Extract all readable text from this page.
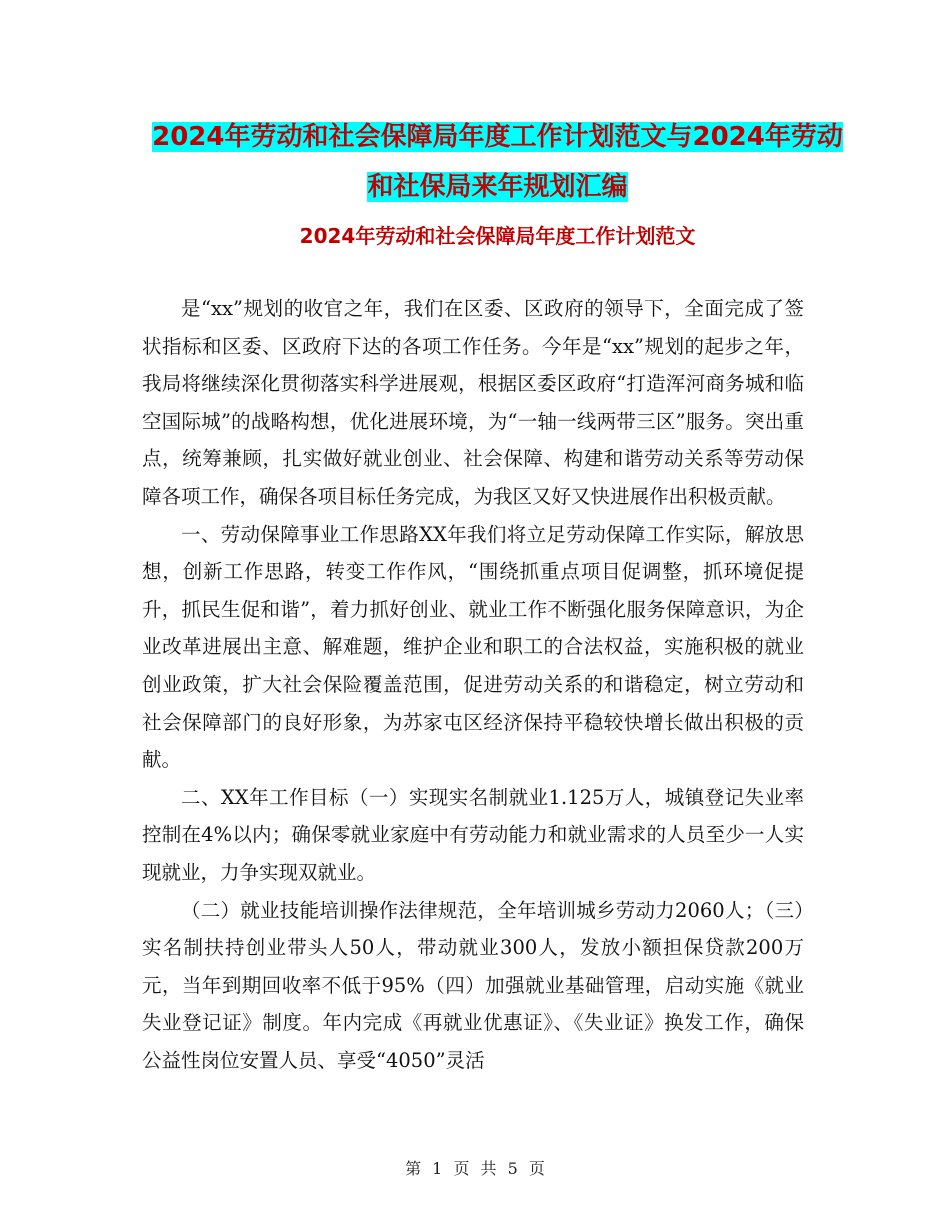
2024年劳动和社会保障局年度工作计划范文与2024年劳动和社保局来年规划汇编
2024年劳动和社会保障局年度工作计划范文

是“xx”规划的收官之年，我们在区委、区政府的领导下，全面完成了签状指标和区委、区政府下达的各项工作任务。今年是“xx”规划的起步之年，我局将继续深化贯彻落实科学进展观，根据区委区政府“打造浑河商务城和临空国际城”的战略构想，优化进展环境，为“一轴一线两带三区”服务。突出重点，统筹兼顾，扎实做好就业创业、社会保障、构建和谐劳动关系等劳动保障各项工作，确保各项目标任务完成，为我区又好又快进展作出积极贡献。

一、劳动保障事业工作思路XX年我们将立足劳动保障工作实际，解放思想，创新工作思路，转变工作作风，“围绕抓重点项目促调整，抓环境促提升，抓民生促和谐”，着力抓好创业、就业工作不断强化服务保障意识，为企业改革进展出主意、解难题，维护企业和职工的合法权益，实施积极的就业创业政策，扩大社会保险覆盖范围，促进劳动关系的和谐稳定，树立劳动和社会保障部门的良好形象，为苏家屯区经济保持平稳较快增长做出积极的贡献。

二、XX年工作目标（一）实现实名制就业1.125万人，城镇登记失业率控制在4%以内；确保零就业家庭中有劳动能力和就业需求的人员至少一人实现就业，力争实现双就业。

（二）就业技能培训操作法律规范，全年培训城乡劳动力2060人；（三）实名制扶持创业带头人50人，带动就业300人，发放小额担保贷款200万元，当年到期回收率不低于95%（四）加强就业基础管理，启动实施《就业失业登记证》制度。年内完成《再就业优惠证》、《失业证》换发工作，确保公益性岗位安置人员、享受“4050”灵活

第 1 页 共 5 页
